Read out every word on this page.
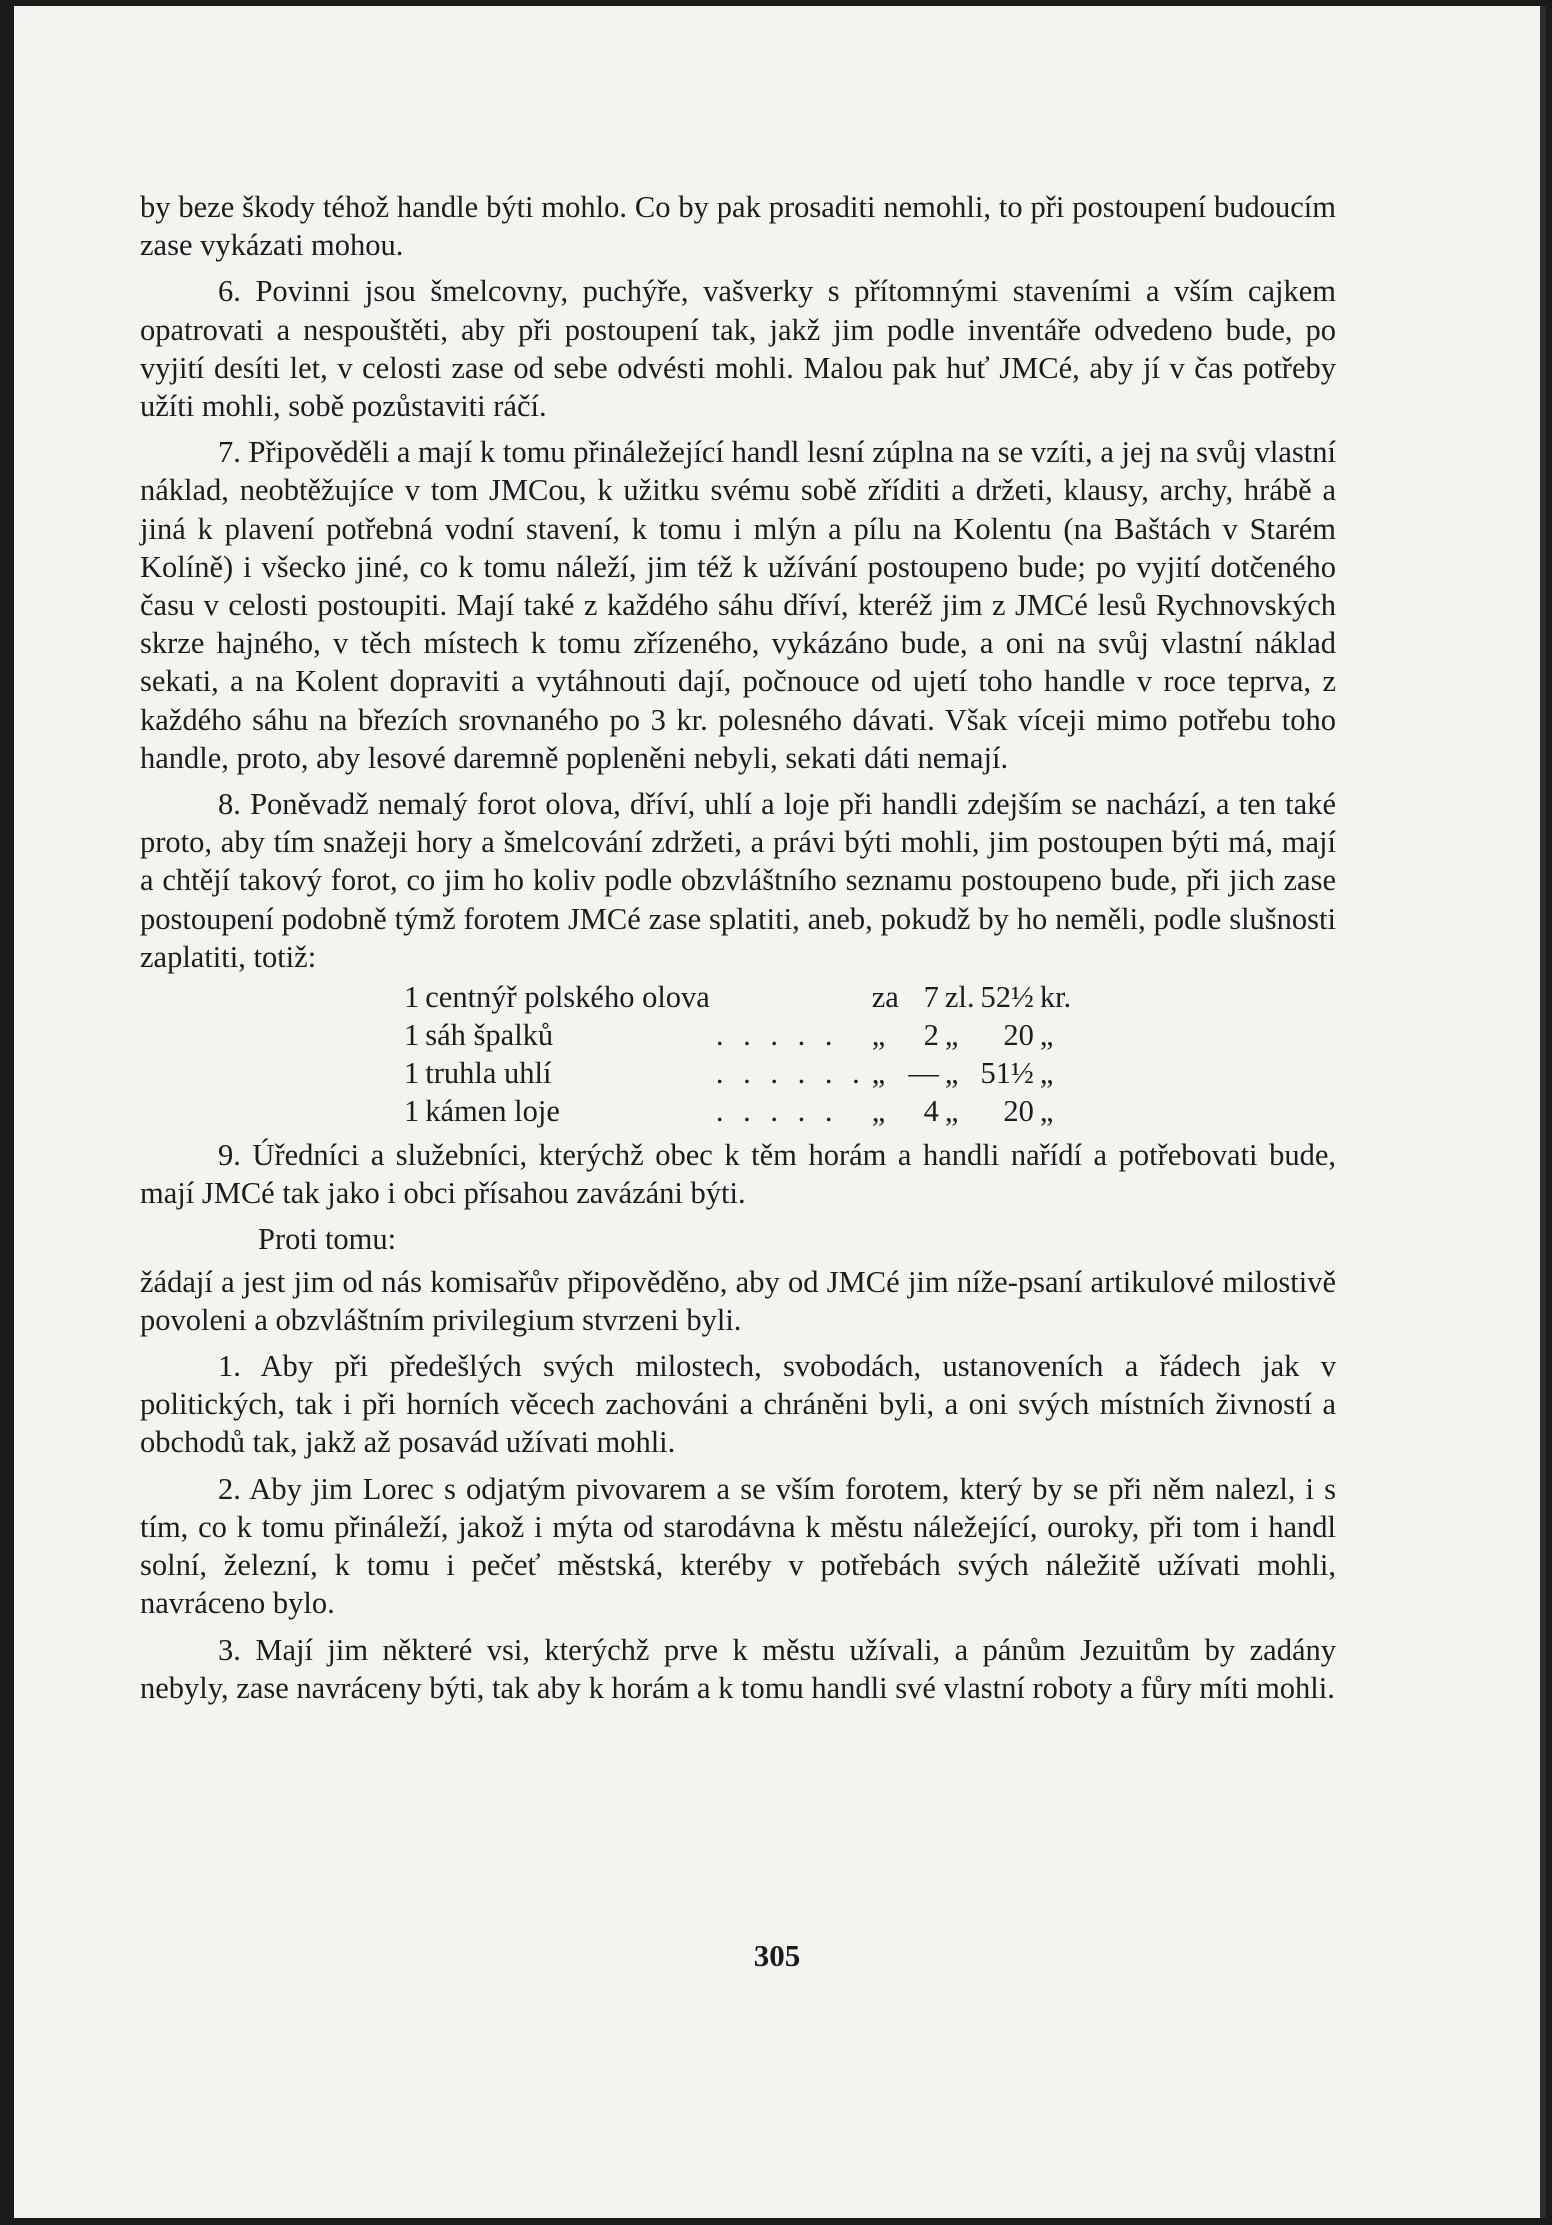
by beze škody téhož handle býti mohlo. Co by pak prosaditi nemohli, to při postoupení budoucím zase vykázati mohou.

6. Povinni jsou šmelcovny, puchýře, vašverky s přítomnými staveními a vším cajkem opatrovati a nespouštěti, aby při postoupení tak, jakž jim podle inventáře odvedeno bude, po vyjití desíti let, v celosti zase od sebe odvésti mohli. Malou pak huť JMCé, aby jí v čas potřeby užíti mohli, sobě pozůstaviti ráčí.

7. Připověděli a mají k tomu přináležející handl lesní zúplna na se vzíti, a jej na svůj vlastní náklad, neobtěžujíce v tom JMCou, k užitku svému sobě zříditi a držeti, klausy, archy, hrábě a jiná k plavení potřebná vodní stavení, k tomu i mlýn a pílu na Kolentu (na Baštách v Starém Kolíně) i všecko jiné, co k tomu náleží, jim též k užívání postoupeno bude; po vyjití dotčeného času v celosti postoupiti. Mají také z každého sáhu dříví, kteréž jim z JMCé lesů Rychnovských skrze hajného, v těch místech k tomu zřízeného, vykázáno bude, a oni na svůj vlastní náklad sekati, a na Kolent dopraviti a vytáhnouti dají, počnouce od ujetí toho handle v roce teprva, z každého sáhu na březích srovnaného po 3 kr. polesného dávati. Však víceji mimo potřebu toho handle, proto, aby lesové daremně popleněni nebyli, sekati dáti nemají.

8. Poněvadž nemalý forot olova, dříví, uhlí a loje při handli zdejším se nachází, a ten také proto, aby tím snažeji hory a šmelcování zdržeti, a právi býti mohli, jim postoupen býti má, mají a chtějí takový forot, co jim ho koliv podle obzvláštního seznamu postoupeno bude, při jich zase postoupení podobně týmž forotem JMCé zase splatiti, aneb, pokudž by ho neměli, podle slušnosti zaplatiti, totiž:

1	centnýř polského olova		za	7	zl.	52½	kr.
1	sáh špalků	. . . . .	„	2	„	20	„
1	truhla uhlí	. . . . . .	„	—	„	51½	„
1	kámen loje	. . . . .	„	4	„	20	„

9. Úředníci a služebníci, kterýchž obec k těm horám a handli nařídí a potřebovati bude, mají JMCé tak jako i obci přísahou zavázáni býti.

Proti tomu:

žádají a jest jim od nás komisařův připověděno, aby od JMCé jim níže-psaní artikulové milostivě povoleni a obzvláštním privilegium stvrzeni byli.

1. Aby při předešlých svých milostech, svobodách, ustanoveních a řádech jak v politických, tak i při horních věcech zachováni a chráněni byli, a oni svých místních živností a obchodů tak, jakž až posavád užívati mohli.

2. Aby jim Lorec s odjatým pivovarem a se vším forotem, který by se při něm nalezl, i s tím, co k tomu přináleží, jakož i mýta od starodávna k městu náležející, ouroky, při tom i handl solní, železní, k tomu i pečeť městská, kteréby v potřebách svých náležitě užívati mohli, navráceno bylo.

3. Mají jim některé vsi, kterýchž prve k městu užívali, a pánům Jezuitům by zadány nebyly, zase navráceny býti, tak aby k horám a k tomu handli své vlastní roboty a fůry míti mohli.

305
